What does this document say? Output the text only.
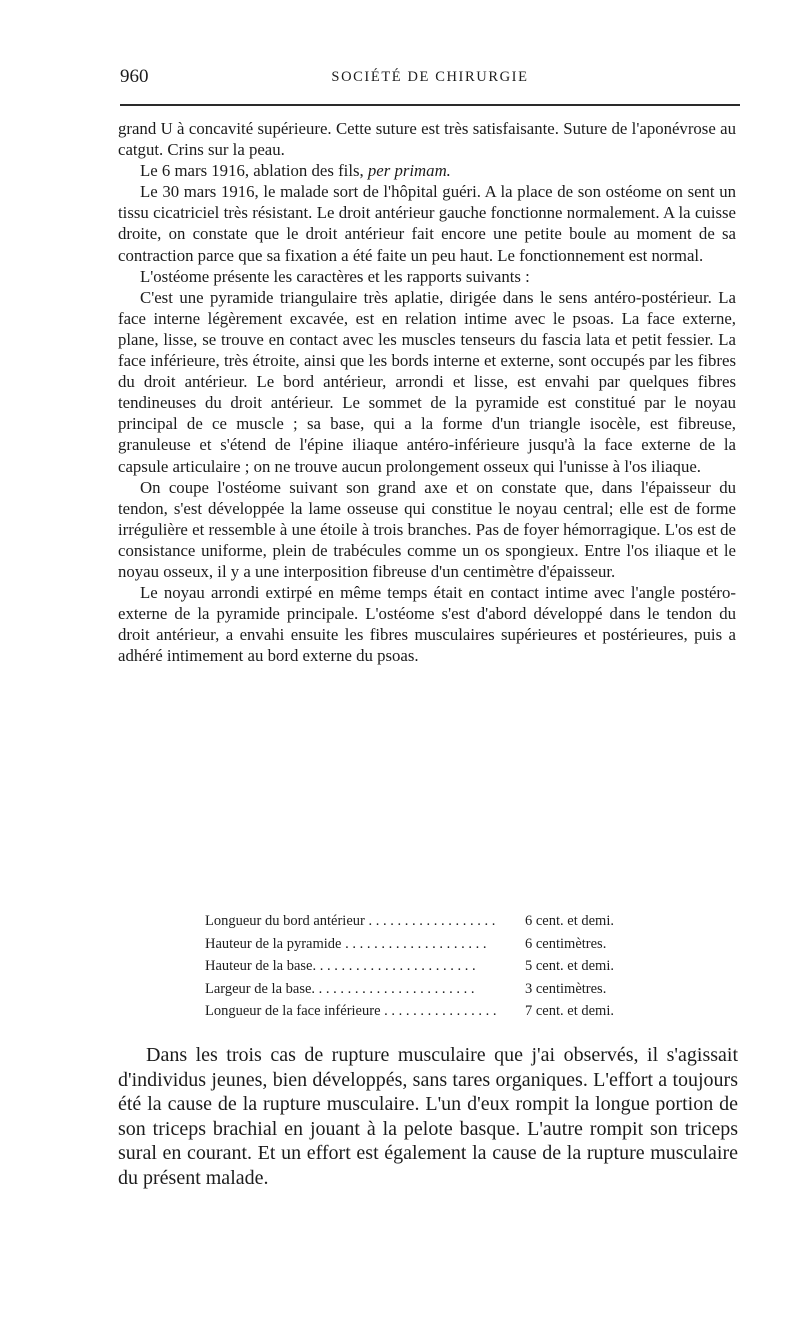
960	SOCIÉTÉ DE CHIRURGIE

grand U à concavité supérieure. Cette suture est très satisfaisante. Suture de l'aponévrose au catgut. Crins sur la peau.

Le 6 mars 1916, ablation des fils, per primam.

Le 30 mars 1916, le malade sort de l'hôpital guéri. A la place de son ostéome on sent un tissu cicatriciel très résistant. Le droit antérieur gauche fonctionne normalement. A la cuisse droite, on constate que le droit antérieur fait encore une petite boule au moment de sa contraction parce que sa fixation a été faite un peu haut. Le fonctionnement est normal.

L'ostéome présente les caractères et les rapports suivants :

C'est une pyramide triangulaire très aplatie, dirigée dans le sens antéro-postérieur. La face interne légèrement excavée, est en relation intime avec le psoas. La face externe, plane, lisse, se trouve en contact avec les muscles tenseurs du fascia lata et petit fessier. La face inférieure, très étroite, ainsi que les bords interne et externe, sont occupés par les fibres du droit antérieur. Le bord antérieur, arrondi et lisse, est envahi par quelques fibres tendineuses du droit antérieur. Le sommet de la pyramide est constitué par le noyau principal de ce muscle ; sa base, qui a la forme d'un triangle isocèle, est fibreuse, granuleuse et s'étend de l'épine iliaque antéro-inférieure jusqu'à la face externe de la capsule articulaire ; on ne trouve aucun prolongement osseux qui l'unisse à l'os iliaque.

On coupe l'ostéome suivant son grand axe et on constate que, dans l'épaisseur du tendon, s'est développée la lame osseuse qui constitue le noyau central; elle est de forme irrégulière et ressemble à une étoile à trois branches. Pas de foyer hémorragique. L'os est de consistance uniforme, plein de trabécules comme un os spongieux. Entre l'os iliaque et le noyau osseux, il y a une interposition fibreuse d'un centimètre d'épaisseur.

Le noyau arrondi extirpé en même temps était en contact intime avec l'angle postéro-externe de la pyramide principale. L'ostéome s'est d'abord développé dans le tendon du droit antérieur, a envahi ensuite les fibres musculaires supérieures et postérieures, puis a adhéré intimement au bord externe du psoas.

Longueur du bord antérieur . . . . . . . . . . . . . . . . . .	6 cent. et demi.
Hauteur de la pyramide . . . . . . . . . . . . . . . . . . . .	6 centimètres.
Hauteur de la base. . . . . . . . . . . . . . . . . . . . . . .	5 cent. et demi.
Largeur de la base. . . . . . . . . . . . . . . . . . . . . . .	3 centimètres.
Longueur de la face inférieure . . . . . . . . . . . . . . . .	7 cent. et demi.

Dans les trois cas de rupture musculaire que j'ai observés, il s'agissait d'individus jeunes, bien développés, sans tares organiques. L'effort a toujours été la cause de la rupture musculaire. L'un d'eux rompit la longue portion de son triceps brachial en jouant à la pelote basque. L'autre rompit son triceps sural en courant. Et un effort est également la cause de la rupture musculaire du présent malade.
